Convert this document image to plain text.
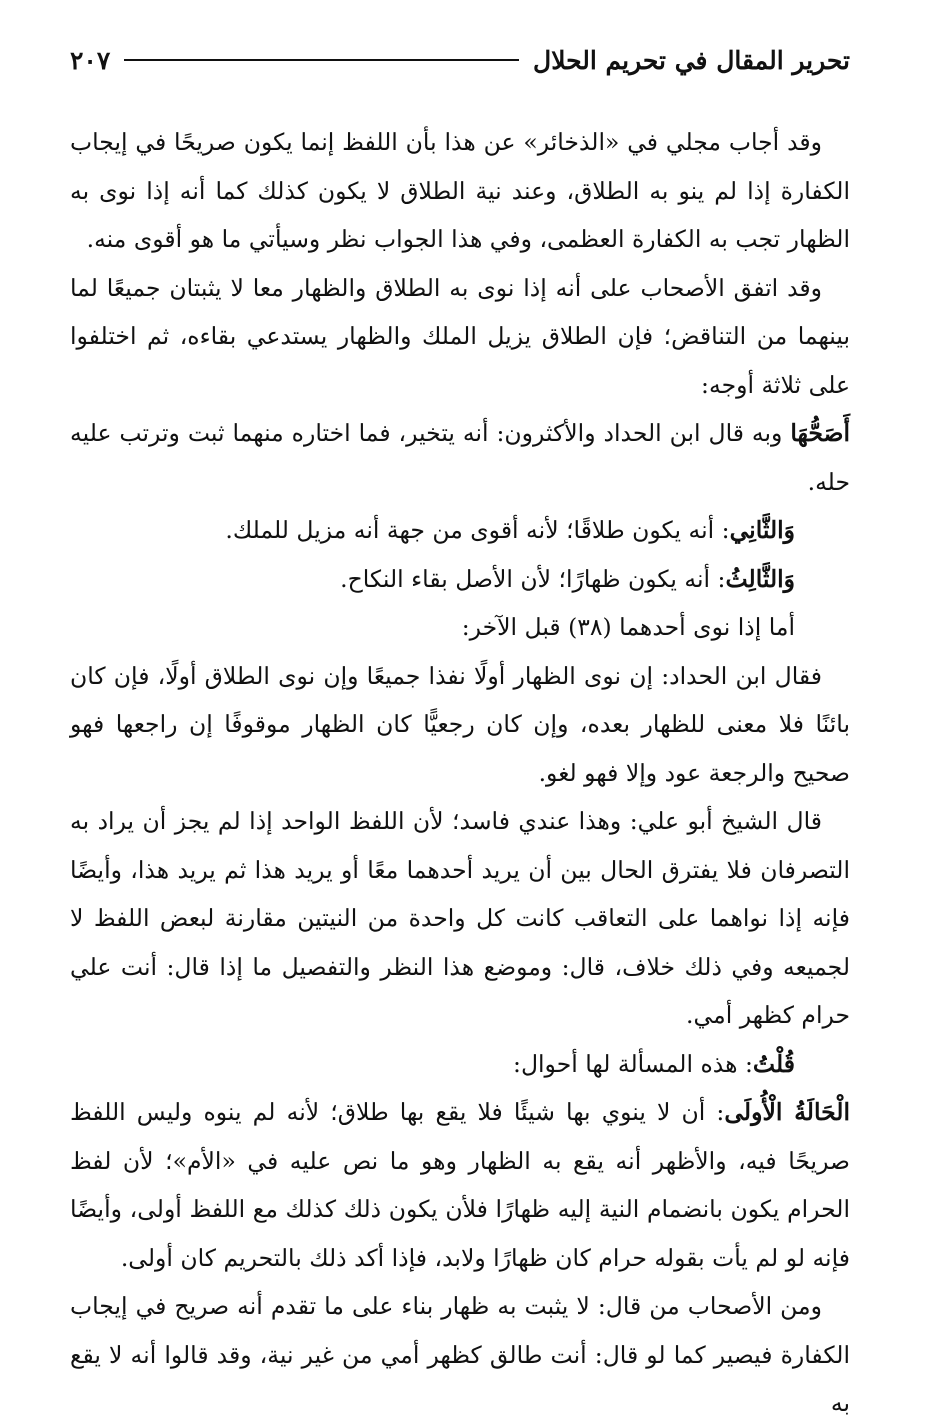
تحرير المقال في تحريم الحلال
٢٠٧

وقد أجاب مجلي في «الذخائر» عن هذا بأن اللفظ إنما يكون صريحًا في إيجاب الكفارة إذا لم ينو به الطلاق، وعند نية الطلاق لا يكون كذلك كما أنه إذا نوى به الظهار تجب به الكفارة العظمى، وفي هذا الجواب نظر وسيأتي ما هو أقوى منه.

وقد اتفق الأصحاب على أنه إذا نوى به الطلاق والظهار معا لا يثبتان جميعًا لما بينهما من التناقض؛ فإن الطلاق يزيل الملك والظهار يستدعي بقاءه، ثم اختلفوا على ثلاثة أوجه:

أَصَحُّهَا وبه قال ابن الحداد والأكثرون: أنه يتخير، فما اختاره منهما ثبت وترتب عليه حله.

وَالثَّانِي: أنه يكون طلاقًا؛ لأنه أقوى من جهة أنه مزيل للملك.

وَالثَّالِثُ: أنه يكون ظهارًا؛ لأن الأصل بقاء النكاح.

أما إذا نوى أحدهما (٣٨) قبل الآخر:

فقال ابن الحداد: إن نوى الظهار أولًا نفذا جميعًا وإن نوى الطلاق أولًا، فإن كان بائنًا فلا معنى للظهار بعده، وإن كان رجعيًّا كان الظهار موقوفًا إن راجعها فهو صحيح والرجعة عود وإلا فهو لغو.

قال الشيخ أبو علي: وهذا عندي فاسد؛ لأن اللفظ الواحد إذا لم يجز أن يراد به التصرفان فلا يفترق الحال بين أن يريد أحدهما معًا أو يريد هذا ثم يريد هذا، وأيضًا فإنه إذا نواهما على التعاقب كانت كل واحدة من النيتين مقارنة لبعض اللفظ لا لجميعه وفي ذلك خلاف، قال: وموضع هذا النظر والتفصيل ما إذا قال: أنت علي حرام كظهر أمي.

قُلْتُ: هذه المسألة لها أحوال:

الْحَالَةُ الْأُولَى: أن لا ينوي بها شيئًا فلا يقع بها طلاق؛ لأنه لم ينوه وليس اللفظ صريحًا فيه، والأظهر أنه يقع به الظهار وهو ما نص عليه في «الأم»؛ لأن لفظ الحرام يكون بانضمام النية إليه ظهارًا فلأن يكون ذلك كذلك مع اللفظ أولى، وأيضًا فإنه لو لم يأت بقوله حرام كان ظهارًا ولابد، فإذا أكد ذلك بالتحريم كان أولى.

ومن الأصحاب من قال: لا يثبت به ظهار بناء على ما تقدم أنه صريح في إيجاب الكفارة فيصير كما لو قال: أنت طالق كظهر أمي من غير نية، وقد قالوا أنه لا يقع به
